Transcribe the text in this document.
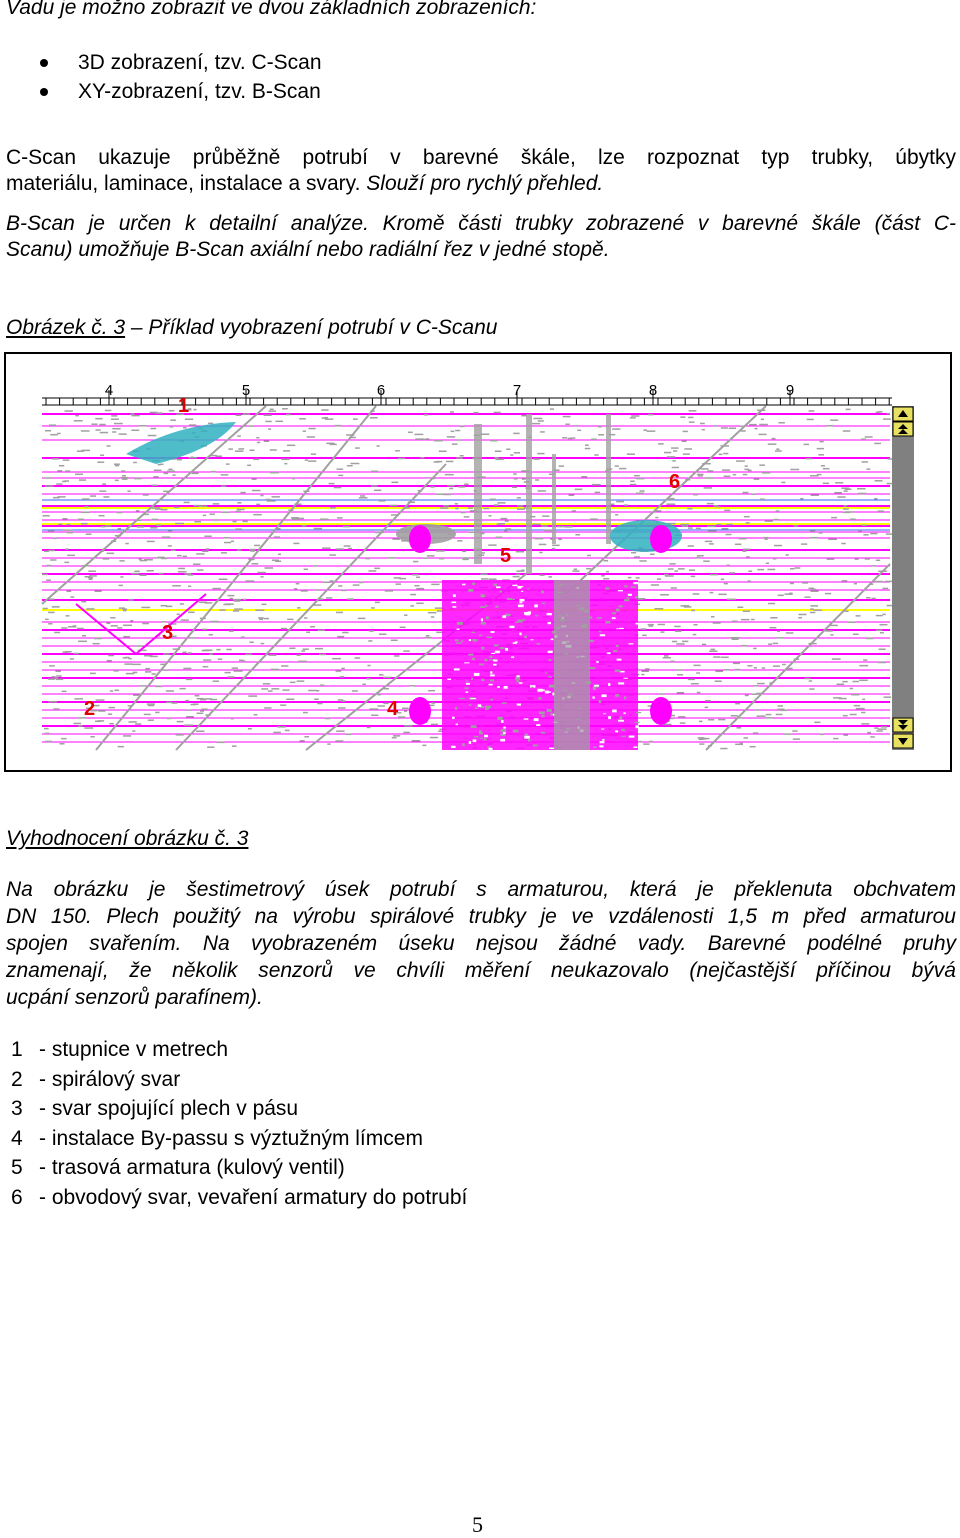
Vadu je možno zobrazit ve dvou základních zobrazeních:
3D zobrazení, tzv. C-Scan
XY-zobrazení, tzv. B-Scan
C-Scan ukazuje průběžně potrubí v barevné škále, lze rozpoznat typ trubky, úbytky
materiálu, laminace, instalace a svary. Slouží pro rychlý přehled.
B-Scan je určen k detailní analýze. Kromě části trubky zobrazené v barevné škále (část C-
Scanu) umožňuje B-Scan axiální nebo radiální řez v jedné stopě.
Obrázek č. 3 – Příklad vyobrazení potrubí v C-Scanu
4	5	6	7	8	9
1
2
3
4
5
6
Vyhodnocení obrázku č. 3
Na obrázku je šestimetrový úsek potrubí s armaturou, která je překlenuta obchvatem
DN 150. Plech použitý na výrobu spirálové trubky je ve vzdálenosti 1,5 m před armaturou
spojen svařením. Na vyobrazeném úseku nejsou žádné vady. Barevné podélné pruhy
znamenají, že několik senzorů ve chvíli měření neukazovalo (nejčastější příčinou bývá
ucpání senzorů parafínem).
1 - stupnice v metrech
2 - spirálový svar
3 - svar spojující plech v pásu
4 - instalace By-passu s výztužným límcem
5 - trasová armatura (kulový ventil)
6 - obvodový svar, vevaření armatury do potrubí
5
